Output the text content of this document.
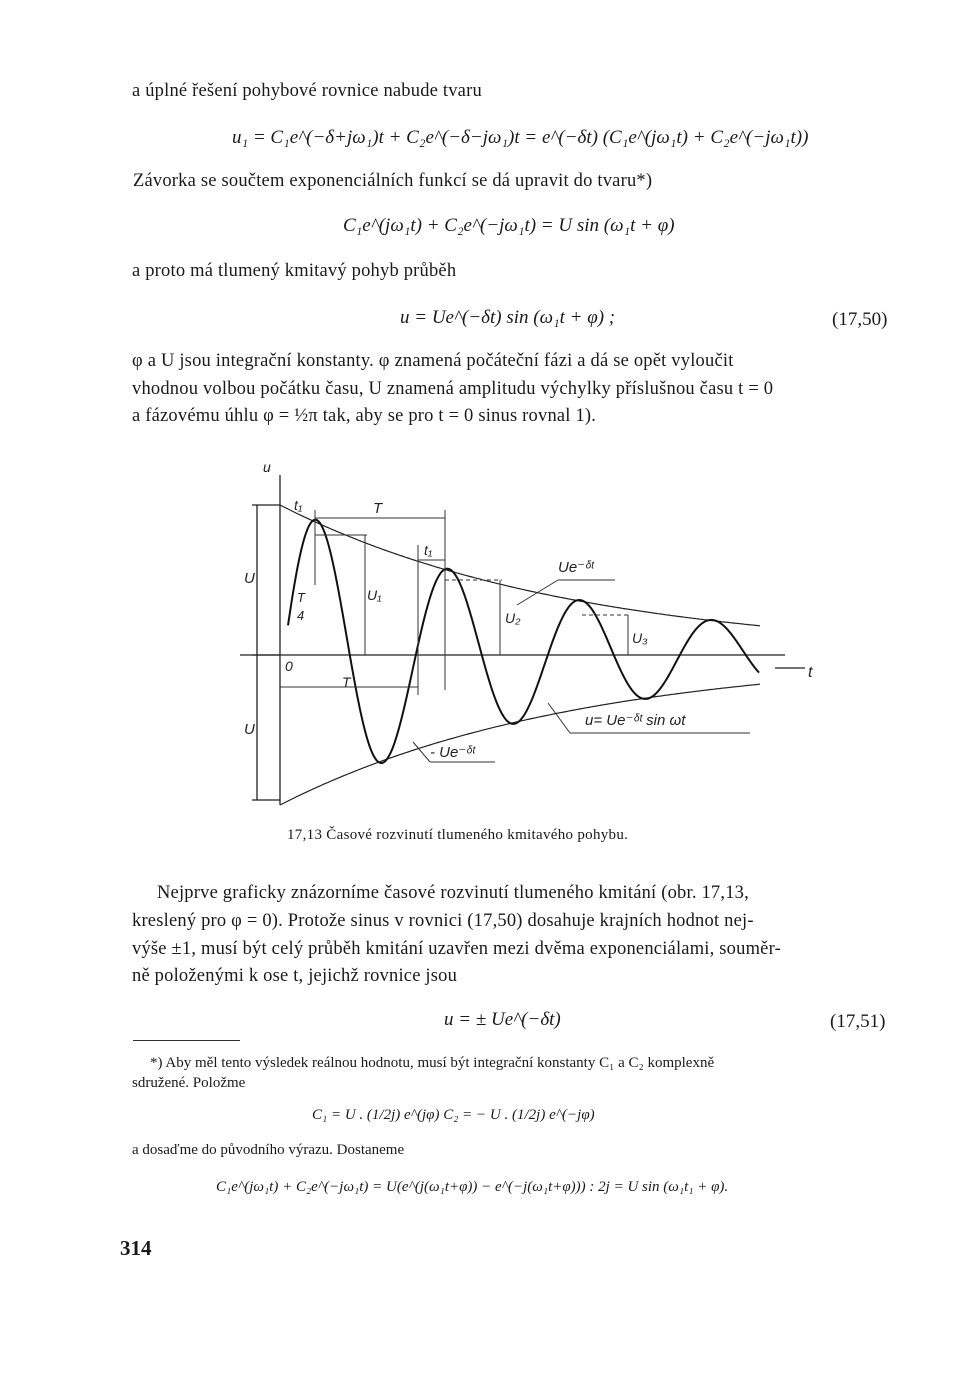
a úplné řešení pohybové rovnice nabude tvaru
u₁ = C₁e^(−δ+jω₁)t + C₂e^(−δ−jω₁)t = e^(−δt) (C₁e^(jω₁t) + C₂e^(−jω₁t))
Závorka se součtem exponenciálních funkcí se dá upravit do tvaru*)
C₁e^(jω₁t) + C₂e^(−jω₁t) = U sin (ω₁t + φ)
a proto má tlumený kmitavý pohyb průběh
u = Ue^(−δt) sin (ω₁t + φ) ;	(17,50)
φ a U jsou integrační konstanty. φ znamená počáteční fázi a dá se opět vyloučit
vhodnou volbou počátku času, U znamená amplitudu výchylky příslušnou času t = 0
a fázovému úhlu φ = ½π tak, aby se pro t = 0 sinus rovnal 1).
u
t
0
U
U
t₁	T
t₁
T
4
U₁
U₂
U₃
T
Ue⁻ᵟᵗ
- Ue⁻ᵟᵗ
u= Ue⁻ᵟᵗ sin ωt
17,13 Časové rozvinutí tlumeného kmitavého pohybu.
Nejprve graficky znázorníme časové rozvinutí tlumeného kmitání (obr. 17,13,
kreslený pro φ = 0). Protože sinus v rovnici (17,50) dosahuje krajních hodnot nej-
výše ±1, musí být celý průběh kmitání uzavřen mezi dvěma exponenciálami, souměr-
ně položenými k ose t, jejichž rovnice jsou
u = ± Ue^(−δt)	(17,51)
*) Aby měl tento výsledek reálnou hodnotu, musí být integrační konstanty C₁ a C₂ komplexně
sdružené. Položme
C₁ = U . (1/2j) e^(jφ) C₂ = − U . (1/2j) e^(−jφ)
a dosaďme do původního výrazu. Dostaneme
C₁e^(jω₁t) + C₂e^(−jω₁t) = U(e^(j(ω₁t+φ)) − e^(−j(ω₁t+φ))) : 2j = U sin (ω₁t₁ + φ).
314
